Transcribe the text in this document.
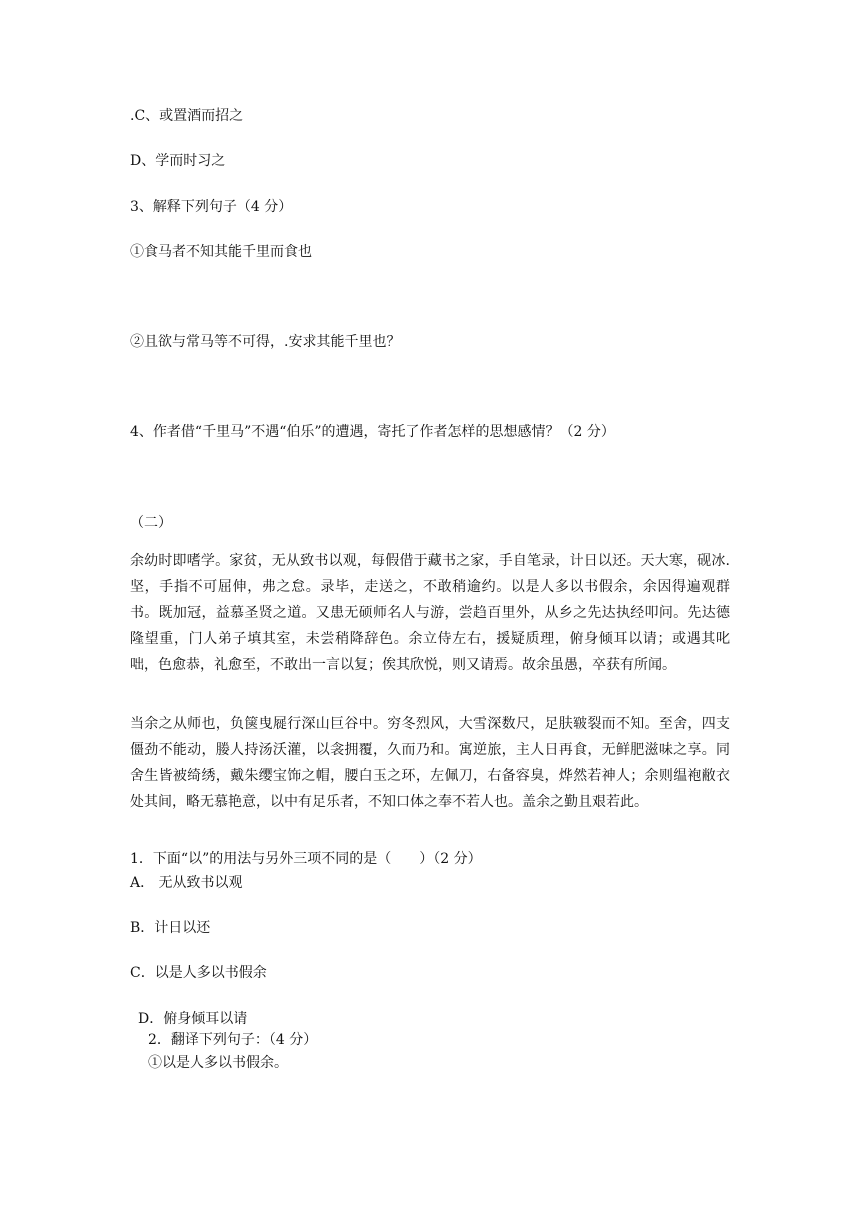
.C、或置酒而招之

D、学而时习之

3、解释下列句子（4 分）

①食马者不知其能千里而食也

②且欲与常马等不可得，.安求其能千里也？

4、作者借“千里马”不遇“伯乐”的遭遇，寄托了作者怎样的思想感情？（2 分）

（二）

余幼时即嗜学。家贫，无从致书以观，每假借于藏书之家，手自笔录，计日以还。天大寒，砚冰.坚，手指不可屈伸，弗之怠。录毕，走送之，不敢稍逾约。以是人多以书假余，余因得遍观群书。既加冠，益慕圣贤之道。又患无硕师名人与游，尝趋百里外，从乡之先达执经叩问。先达德隆望重，门人弟子填其室，未尝稍降辞色。余立侍左右，援疑质理，俯身倾耳以请；或遇其叱咄，色愈恭，礼愈至，不敢出一言以复；俟其欣悦，则又请焉。故余虽愚，卒获有所闻。

当余之从师也，负箧曳屣行深山巨谷中。穷冬烈风，大雪深数尺，足肤皲裂而不知。至舍，四支僵劲不能动，媵人持汤沃灌，以衾拥覆，久而乃和。寓逆旅，主人日再食，无鲜肥滋味之享。同舍生皆被绮绣，戴朱缨宝饰之帽，腰白玉之环，左佩刀，右备容臭，烨然若神人；余则缊袍敝衣处其间，略无慕艳意，以中有足乐者，不知口体之奉不若人也。盖余之勤且艰若此。

1．下面“以”的用法与另外三项不同的是（　　）（2 分）

A． 无从致书以观

B．计日以还

C．以是人多以书假余

D．俯身倾耳以请

2．翻译下列句子：（4 分）

①以是人多以书假余。
